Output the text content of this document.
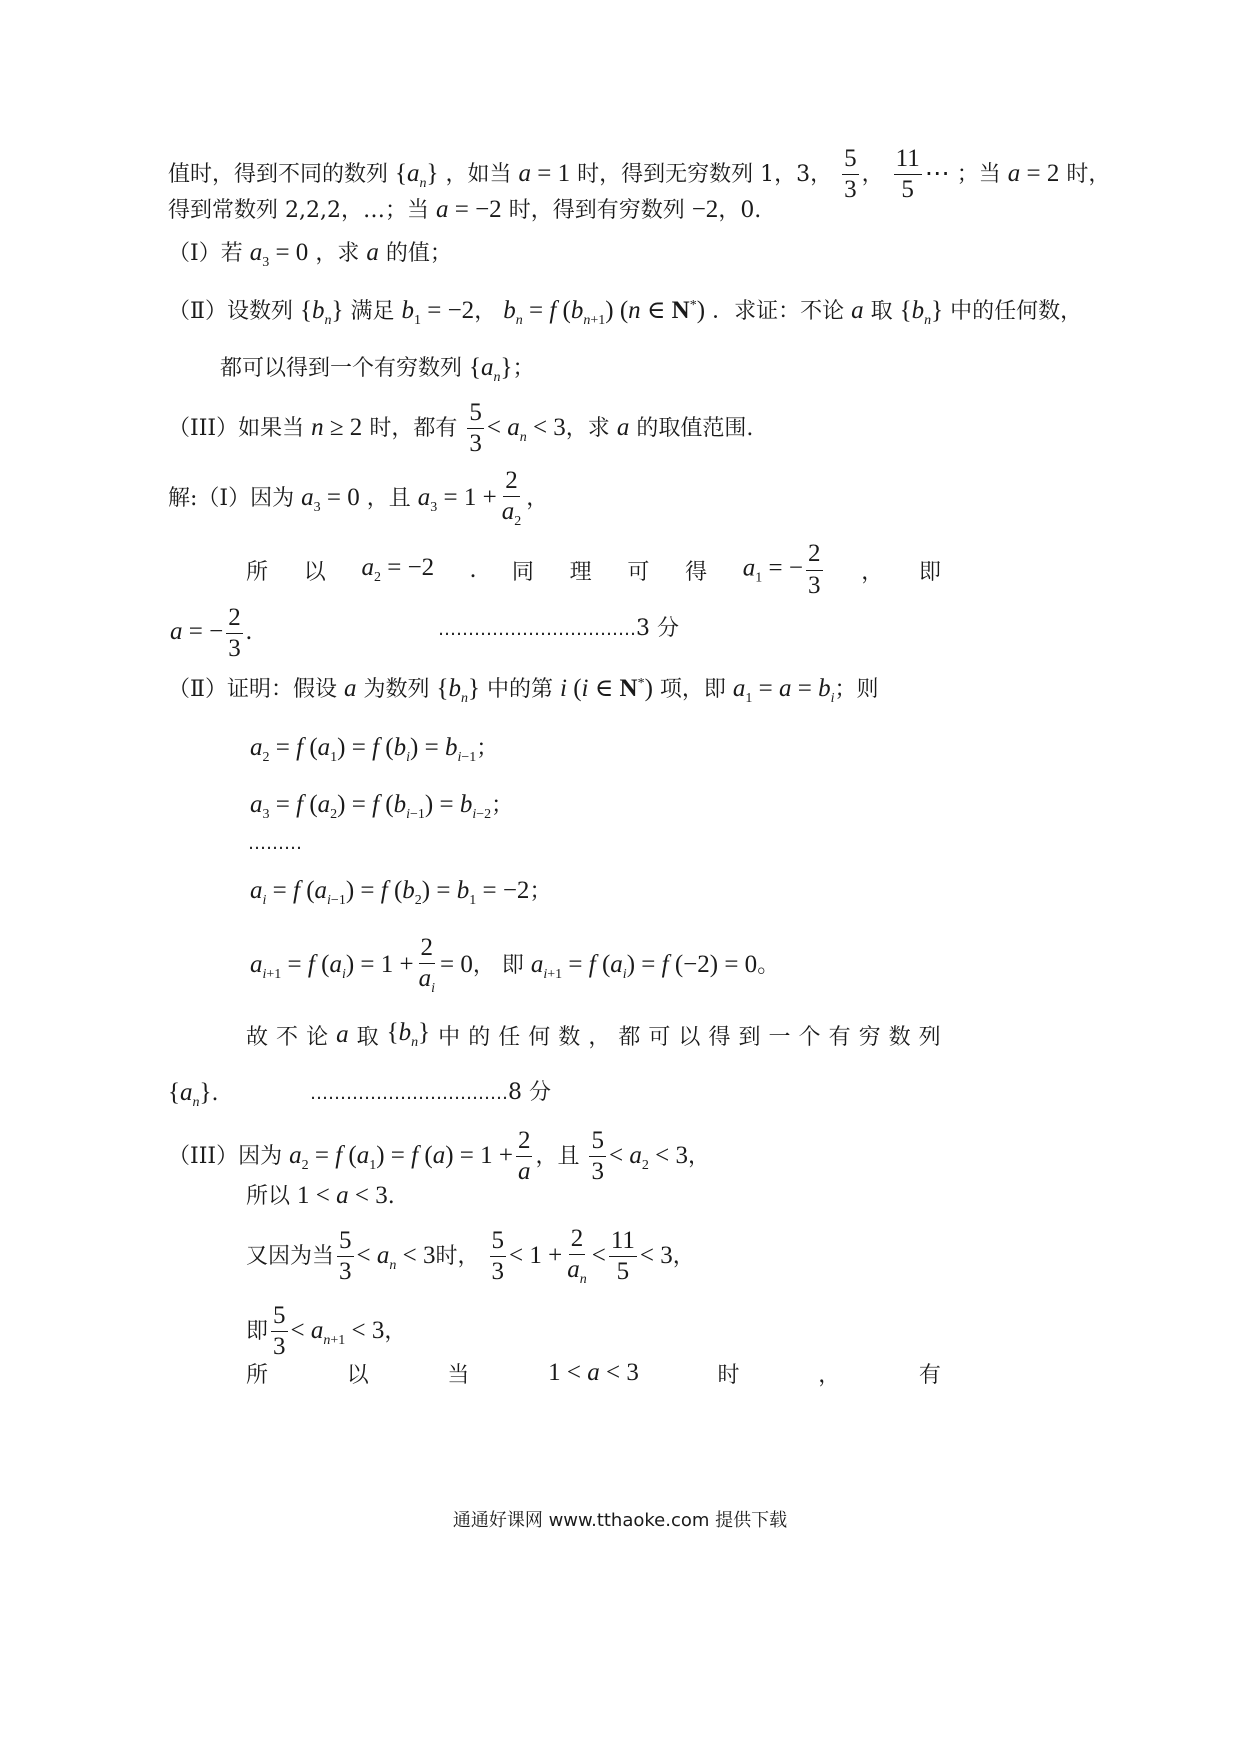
值时，得到不同的数列 $\{a_n\}$ ，如当 a = 1 时，得到无穷数列 1，3， $\frac{5}{3}$ ， $\frac{11}{5}$ ⋯ ；当 a = 2 时，
得到常数列 2,2,2，…；当 a = −2 时，得到有穷数列 −2，0.
（Ⅰ）若 $a_3 = 0$ ，求 a 的值；
（Ⅱ）设数列 $\{b_n\}$ 满足 $b_1 = -2$， $b_n = f$ $(b_{n+1})$ (n ∈ N*) ．求证：不论 a 取 $\{b_n\}$ 中的任何数，
都可以得到一个有穷数列 $\{a_n\}$；
（III）如果当 n ≥ 2 时，都有 $\frac{5}{3} < a_n < 3$，求 a 的取值范围.
解:（Ⅰ）因为 $a_3 = 0$ ，且 $a_3 = 1 + \frac{2}{a_2}$ ，
所 以 $a_2 = -2$ . 同 理 可 得 $a_1$ = − $\frac{2}{3}$ ， 即
a = − $\frac{2}{3}$ .	……………………………3 分
（Ⅱ）证明：假设 a 为数列 $\{b_n\}$ 中的第 i (i ∈ N*) 项，即 $a_1 = a = b_i$；则
$a_2 = f$ $(a_1) = f$ $(b_i) = b_{i-1}$；
$a_3 = f$ $(a_2) = f$ $(b_{i-1}) = b_{i-2}$；
………
$a_i = f$ $(a_{i-1}) = f$ $(b_2) = b_1 = -2$；
$a_{i+1} = f$ $(a_i) = 1 + \frac{2}{a_i} = 0$， 即 $a_{i+1} = f$ $(a_i) = f$ (−2) = 0。
故 不 论 a 取 $\{b_n\}$ 中 的 任 何 数 ， 都 可 以 得 到 一 个 有 穷 数 列
$\{a_n\}$.	……………………………8 分
（III）因为 $a_2 = f$ $(a_1) = f$ $(a) = 1 + \frac{2}{a}$ ，且 $\frac{5}{3} < a_2 < 3$，
所以 1 < a < 3.
又因为当 $\frac{5}{3} < a_n < 3$时， $\frac{5}{3} < 1 + \frac{2}{a_n} < \frac{11}{5} < 3$，
即 $\frac{5}{3} < a_{n+1} < 3$，
所	以	当	1 < a < 3	时	，	有
通通好课网 www.tthaoke.com 提供下载
